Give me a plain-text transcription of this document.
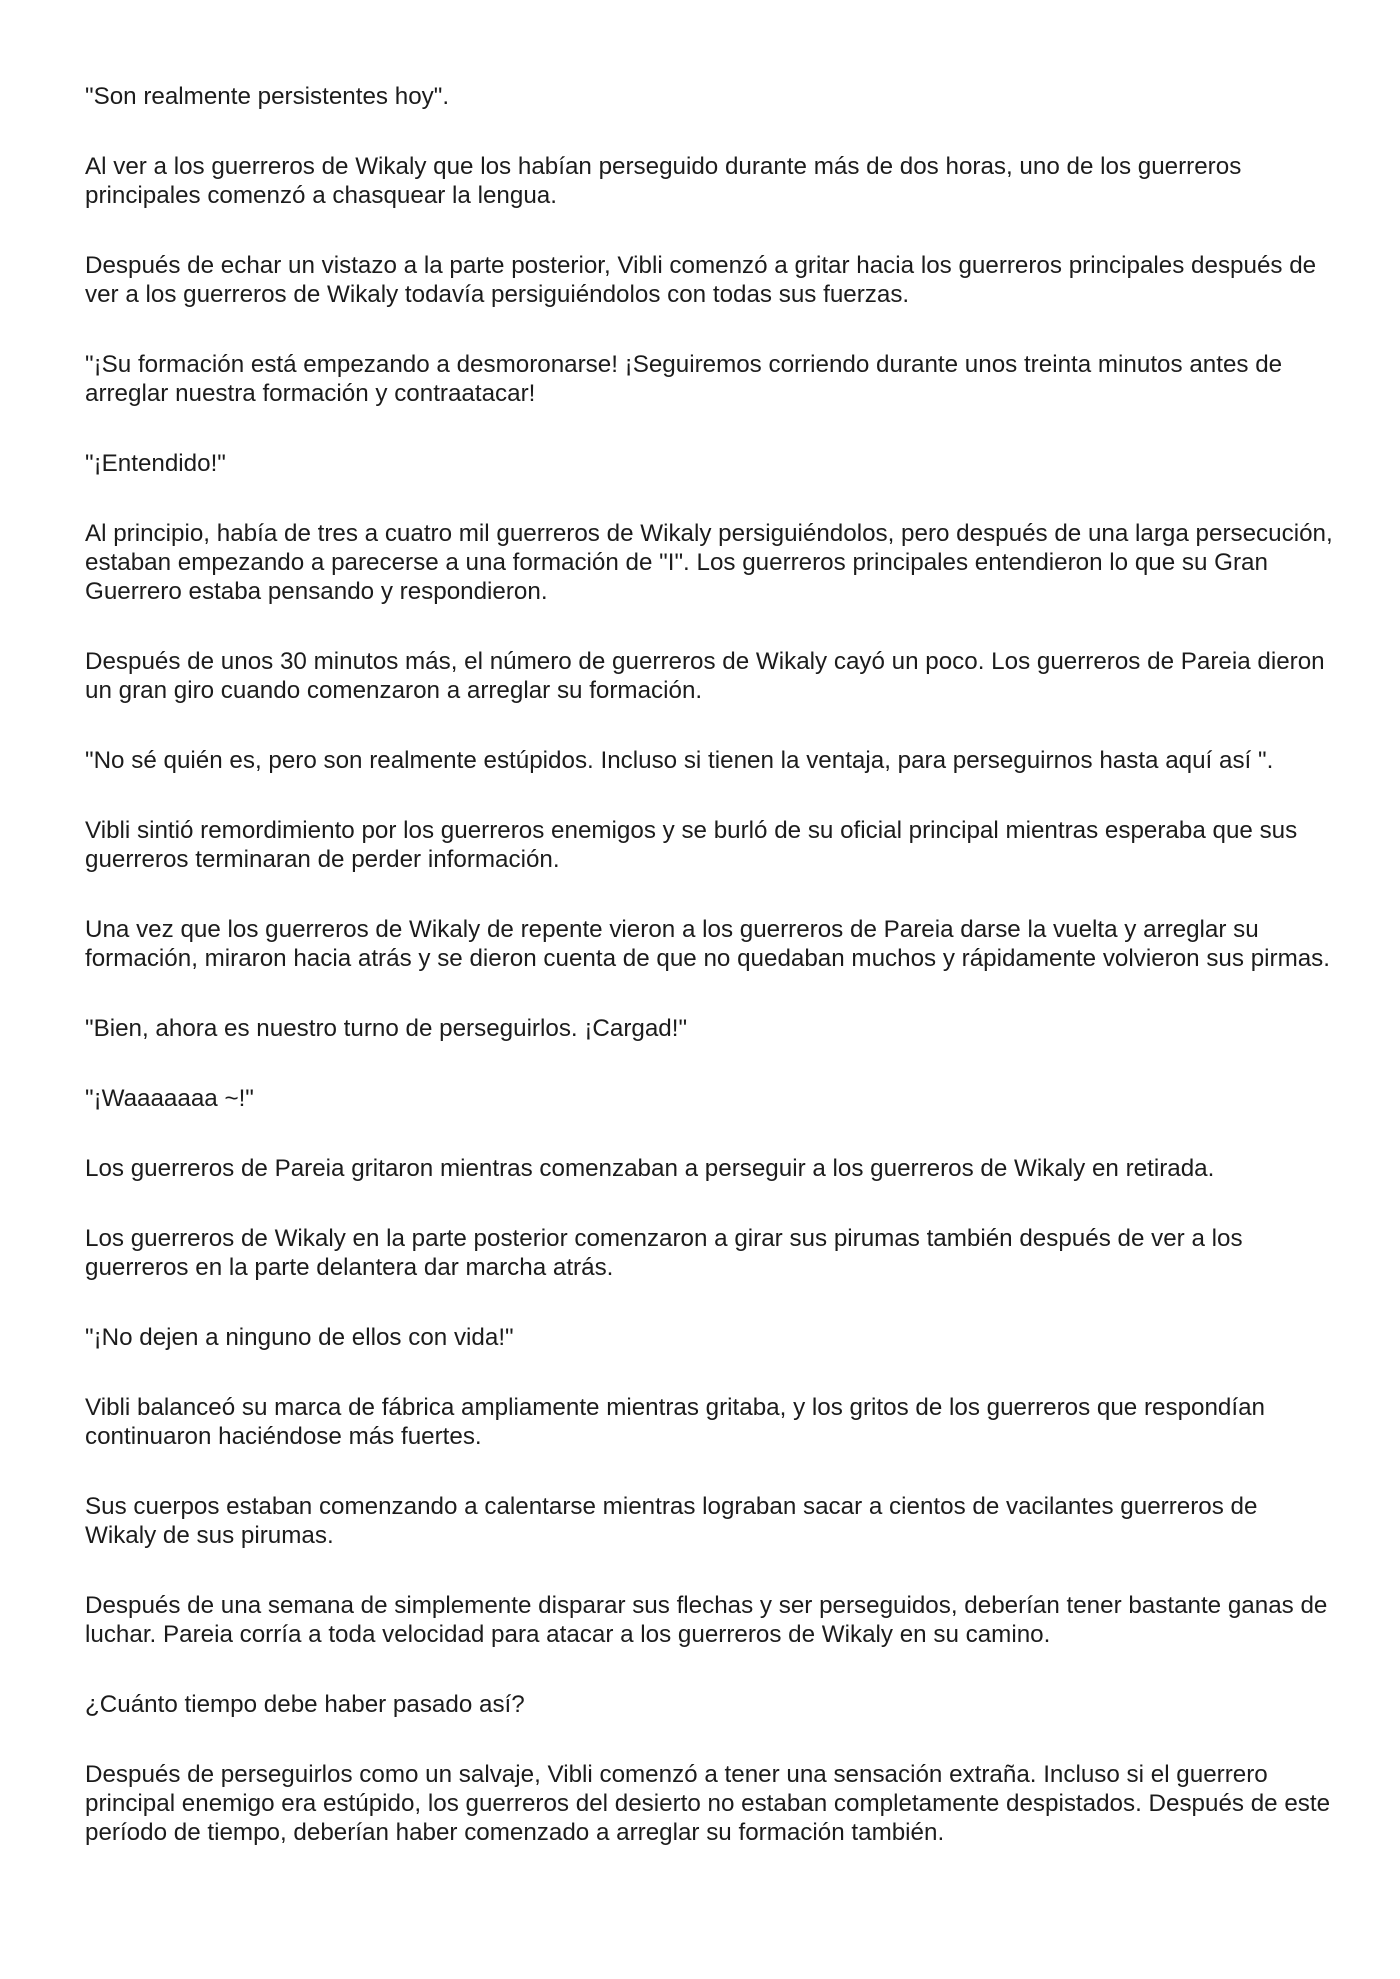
"Son realmente persistentes hoy".

Al ver a los guerreros de Wikaly que los habían perseguido durante más de dos horas, uno de los guerreros principales comenzó a chasquear la lengua.

Después de echar un vistazo a la parte posterior, Vibli comenzó a gritar hacia los guerreros principales después de ver a los guerreros de Wikaly todavía persiguiéndolos con todas sus fuerzas.

"¡Su formación está empezando a desmoronarse! ¡Seguiremos corriendo durante unos treinta minutos antes de arreglar nuestra formación y contraatacar!

"¡Entendido!"

Al principio, había de tres a cuatro mil guerreros de Wikaly persiguiéndolos, pero después de una larga persecución, estaban empezando a parecerse a una formación de "I". Los guerreros principales entendieron lo que su Gran Guerrero estaba pensando y respondieron.

Después de unos 30 minutos más, el número de guerreros de Wikaly cayó un poco. Los guerreros de Pareia dieron un gran giro cuando comenzaron a arreglar su formación.

"No sé quién es, pero son realmente estúpidos. Incluso si tienen la ventaja, para perseguirnos hasta aquí así ".

Vibli sintió remordimiento por los guerreros enemigos y se burló de su oficial principal mientras esperaba que sus guerreros terminaran de perder información.

Una vez que los guerreros de Wikaly de repente vieron a los guerreros de Pareia darse la vuelta y arreglar su formación, miraron hacia atrás y se dieron cuenta de que no quedaban muchos y rápidamente volvieron sus pirmas.

"Bien, ahora es nuestro turno de perseguirlos. ¡Cargad!"

"¡Waaaaaaa ~!"

Los guerreros de Pareia gritaron mientras comenzaban a perseguir a los guerreros de Wikaly en retirada.

Los guerreros de Wikaly en la parte posterior comenzaron a girar sus pirumas también después de ver a los guerreros en la parte delantera dar marcha atrás.

"¡No dejen a ninguno de ellos con vida!"

Vibli balanceó su marca de fábrica ampliamente mientras gritaba, y los gritos de los guerreros que respondían continuaron haciéndose más fuertes.

Sus cuerpos estaban comenzando a calentarse mientras lograban sacar a cientos de vacilantes guerreros de Wikaly de sus pirumas.

Después de una semana de simplemente disparar sus flechas y ser perseguidos, deberían tener bastante ganas de luchar. Pareia corría a toda velocidad para atacar a los guerreros de Wikaly en su camino.

¿Cuánto tiempo debe haber pasado así?

Después de perseguirlos como un salvaje, Vibli comenzó a tener una sensación extraña. Incluso si el guerrero principal enemigo era estúpido, los guerreros del desierto no estaban completamente despistados. Después de este período de tiempo, deberían haber comenzado a arreglar su formación también.
